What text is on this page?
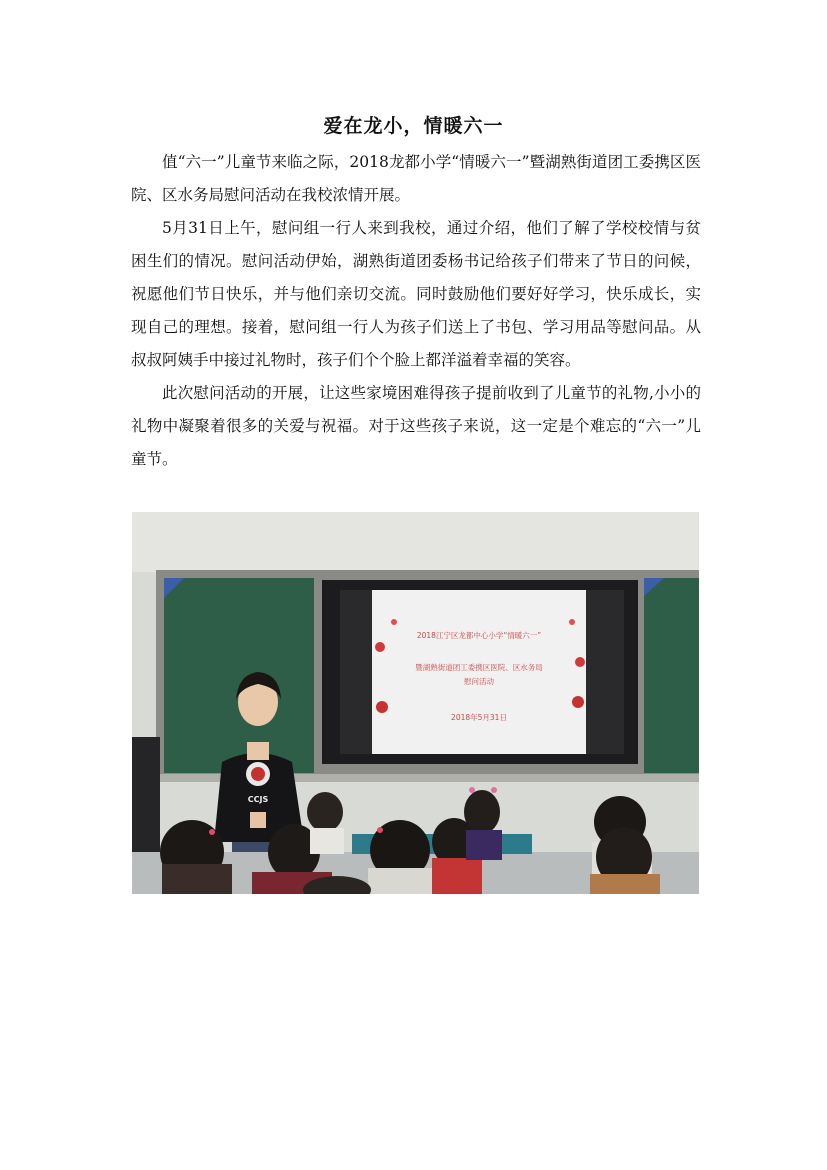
爱在龙小，情暖六一

值“六一”儿童节来临之际，2018龙都小学“情暖六一”暨湖熟街道团工委携区医院、区水务局慰问活动在我校浓情开展。

5月31日上午，慰问组一行人来到我校，通过介绍，他们了解了学校校情与贫困生们的情况。慰问活动伊始，湖熟街道团委杨书记给孩子们带来了节日的问候，祝愿他们节日快乐，并与他们亲切交流。同时鼓励他们要好好学习，快乐成长，实现自己的理想。接着，慰问组一行人为孩子们送上了书包、学习用品等慰问品。从叔叔阿姨手中接过礼物时，孩子们个个脸上都洋溢着幸福的笑容。

此次慰问活动的开展，让这些家境困难得孩子提前收到了儿童节的礼物,小小的礼物中凝聚着很多的关爱与祝福。对于这些孩子来说，这一定是个难忘的“六一”儿童节。

2018江宁区龙都中心小学“情暖六一”
暨湖熟街道团工委携区医院、区水务局
慰问活动
2018年5月31日
CCJS
